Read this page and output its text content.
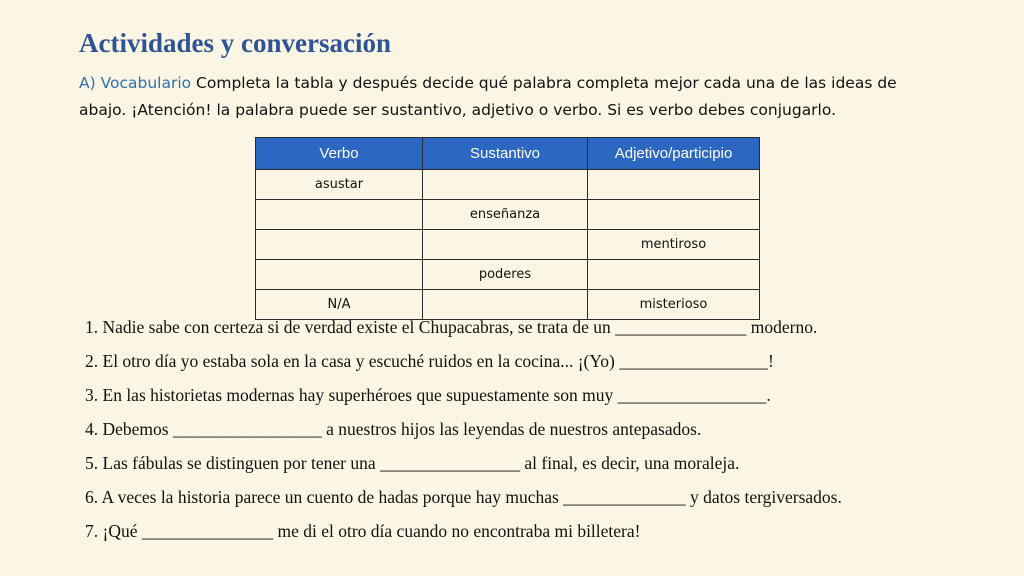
Actividades y conversación
A) Vocabulario Completa la tabla y después decide qué palabra completa mejor cada una de las ideas de abajo. ¡Atención! la palabra puede ser sustantivo, adjetivo o verbo. Si es verbo debes conjugarlo.
Verbo	Sustantivo	Adjetivo/participio
asustar		
	enseñanza	
		mentiroso
	poderes	
N/A		misterioso
1. Nadie sabe con certeza si de verdad existe el Chupacabras, se trata de un _______________ moderno.
2. El otro día yo estaba sola en la casa y escuché ruidos en la cocina... ¡(Yo) _________________!
3. En las historietas modernas hay superhéroes que supuestamente son muy _________________.
4. Debemos _________________ a nuestros hijos las leyendas de nuestros antepasados.
5. Las fábulas se distinguen por tener una ________________ al final, es decir, una moraleja.
6. A veces la historia parece un cuento de hadas porque hay muchas ______________ y datos tergiversados.
7. ¡Qué _______________ me di el otro día cuando no encontraba mi billetera!
